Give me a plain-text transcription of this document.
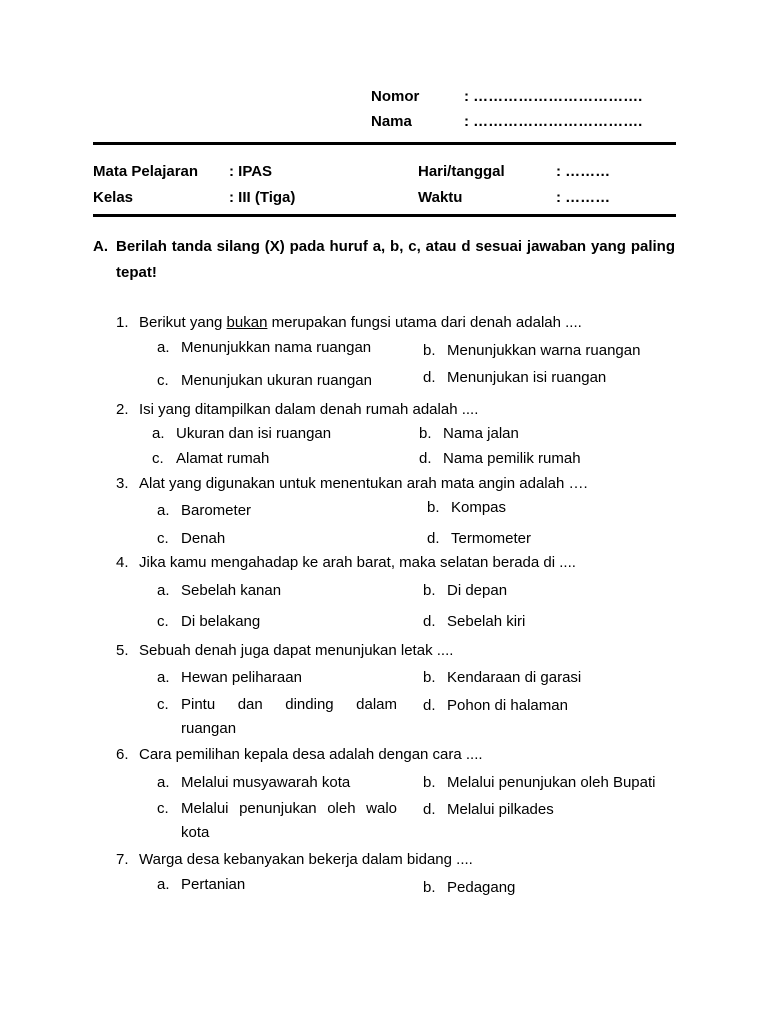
Nomor	: …………………………….
Nama	: …………………………….
Mata Pelajaran : IPAS	Hari/tanggal	: ………
Kelas	: III (Tiga)	Waktu	: ………
A. Berilah tanda silang (X) pada huruf a, b, c, atau d sesuai jawaban yang paling tepat!
1. Berikut yang bukan merupakan fungsi utama dari denah adalah ....
a. Menunjukkan nama ruangan	b. Menunjukkan warna ruangan
c. Menunjukan ukuran ruangan	d. Menunjukan isi ruangan
2. Isi yang ditampilkan dalam denah rumah adalah ....
a. Ukuran dan isi ruangan	b. Nama jalan
c. Alamat rumah	d. Nama pemilik rumah
3. Alat yang digunakan untuk menentukan arah mata angin adalah ….
a. Barometer	b. Kompas
c. Denah	d. Termometer
4. Jika kamu mengahadap ke arah barat, maka selatan berada di ....
a. Sebelah kanan	b. Di depan
c. Di belakang	d. Sebelah kiri
5. Sebuah denah juga dapat menunjukan letak ....
a. Hewan peliharaan	b. Kendaraan di garasi
c. Pintu dan dinding dalam
ruangan
d. Pohon di halaman
6. Cara pemilihan kepala desa adalah dengan cara ....
a. Melalui musyawarah kota	b. Melalui penunjukan oleh Bupati
c. Melalui penunjukan oleh walo
kota
d. Melalui pilkades
7. Warga desa kebanyakan bekerja dalam bidang ....
a. Pertanian	b. Pedagang
